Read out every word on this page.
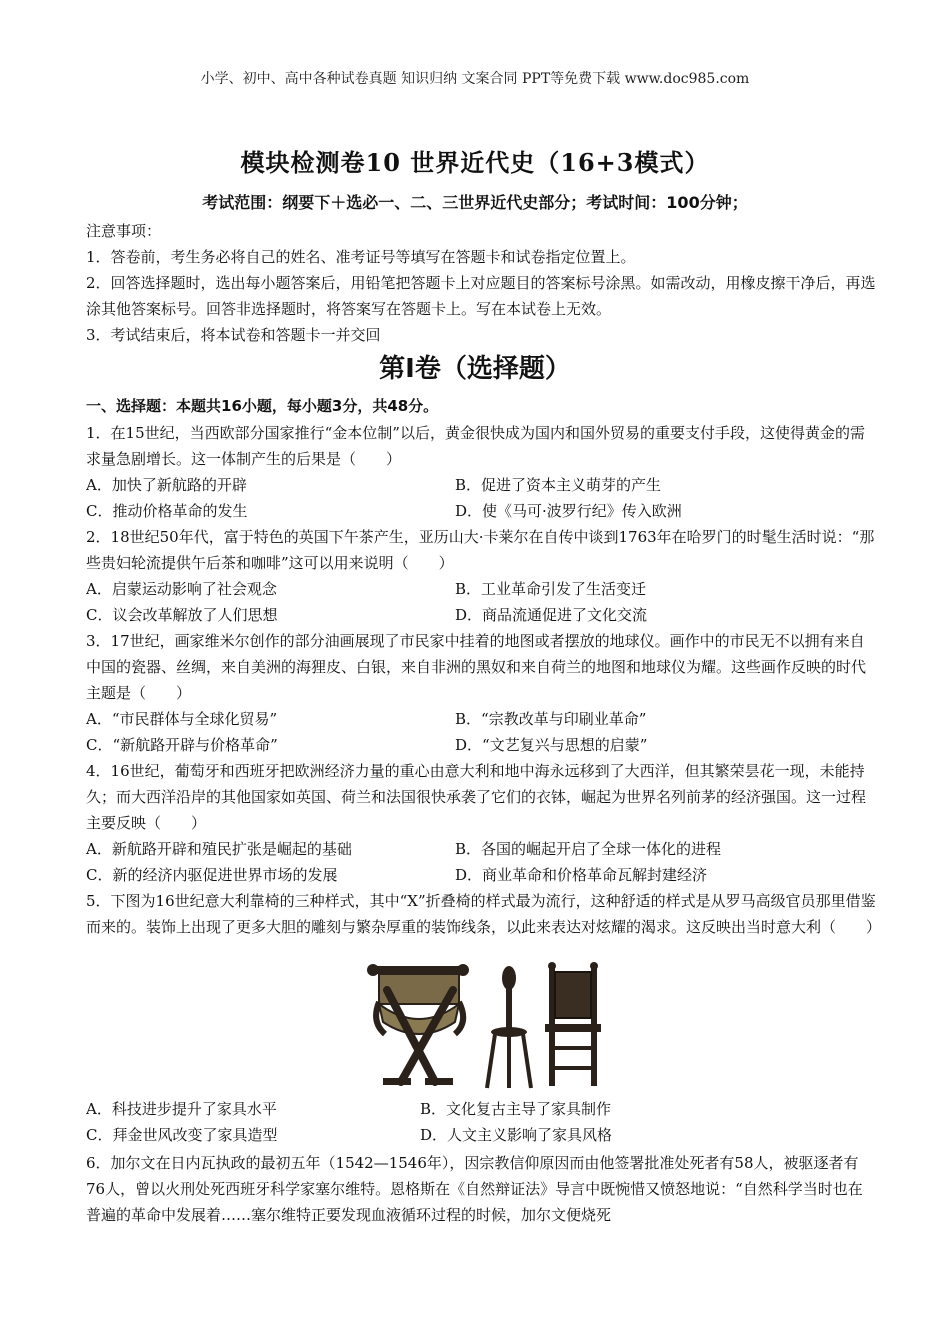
小学、初中、高中各种试卷真题 知识归纳 文案合同 PPT等免费下载 www.doc985.com
模块检测卷10 世界近代史（16+3模式）
考试范围：纲要下＋选必一、二、三世界近代史部分；考试时间：100分钟；
注意事项：
1．答卷前，考生务必将自己的姓名、准考证号等填写在答题卡和试卷指定位置上。
2．回答选择题时，选出每小题答案后，用铅笔把答题卡上对应题目的答案标号涂黑。如需改动，用橡皮擦干净后，再选涂其他答案标号。回答非选择题时，将答案写在答题卡上。写在本试卷上无效。
3．考试结束后，将本试卷和答题卡一并交回
第I卷（选择题）
一、选择题：本题共16小题，每小题3分，共48分。
1．在15世纪，当西欧部分国家推行“金本位制”以后，黄金很快成为国内和国外贸易的重要支付手段，这使得黄金的需求量急剧增长。这一体制产生的后果是（　　）
A．加快了新航路的开辟	B．促进了资本主义萌芽的产生
C．推动价格革命的发生	D．使《马可·波罗行纪》传入欧洲
2．18世纪50年代，富于特色的英国下午茶产生，亚历山大·卡莱尔在自传中谈到1763年在哈罗门的时髦生活时说：“那些贵妇轮流提供午后茶和咖啡”这可以用来说明（　　）
A．启蒙运动影响了社会观念	B．工业革命引发了生活变迁
C．议会改革解放了人们思想	D．商品流通促进了文化交流
3．17世纪，画家维米尔创作的部分油画展现了市民家中挂着的地图或者摆放的地球仪。画作中的市民无不以拥有来自中国的瓷器、丝绸，来自美洲的海狸皮、白银，来自非洲的黑奴和来自荷兰的地图和地球仪为耀。这些画作反映的时代主题是（　　）
A．“市民群体与全球化贸易”	B．“宗教改革与印刷业革命”
C．“新航路开辟与价格革命”	D．“文艺复兴与思想的启蒙”
4．16世纪，葡萄牙和西班牙把欧洲经济力量的重心由意大利和地中海永远移到了大西洋，但其繁荣昙花一现，未能持久；而大西洋沿岸的其他国家如英国、荷兰和法国很快承袭了它们的衣钵，崛起为世界名列前茅的经济强国。这一过程主要反映（　　）
A．新航路开辟和殖民扩张是崛起的基础	B．各国的崛起开启了全球一体化的进程
C．新的经济内驱促进世界市场的发展	D．商业革命和价格革命瓦解封建经济
5．下图为16世纪意大利靠椅的三种样式，其中“X”折叠椅的样式最为流行，这种舒适的样式是从罗马高级官员那里借鉴而来的。装饰上出现了更多大胆的雕刻与繁杂厚重的装饰线条，以此来表达对炫耀的渴求。这反映出当时意大利（　　）
A．科技进步提升了家具水平	B．文化复古主导了家具制作
C．拜金世风改变了家具造型	D．人文主义影响了家具风格
6．加尔文在日内瓦执政的最初五年（1542—1546年），因宗教信仰原因而由他签署批准处死者有58人，被驱逐者有76人，曾以火刑处死西班牙科学家塞尔维特。恩格斯在《自然辩证法》导言中既惋惜又愤怒地说：“自然科学当时也在普遍的革命中发展着……塞尔维特正要发现血液循环过程的时候，加尔文便烧死
